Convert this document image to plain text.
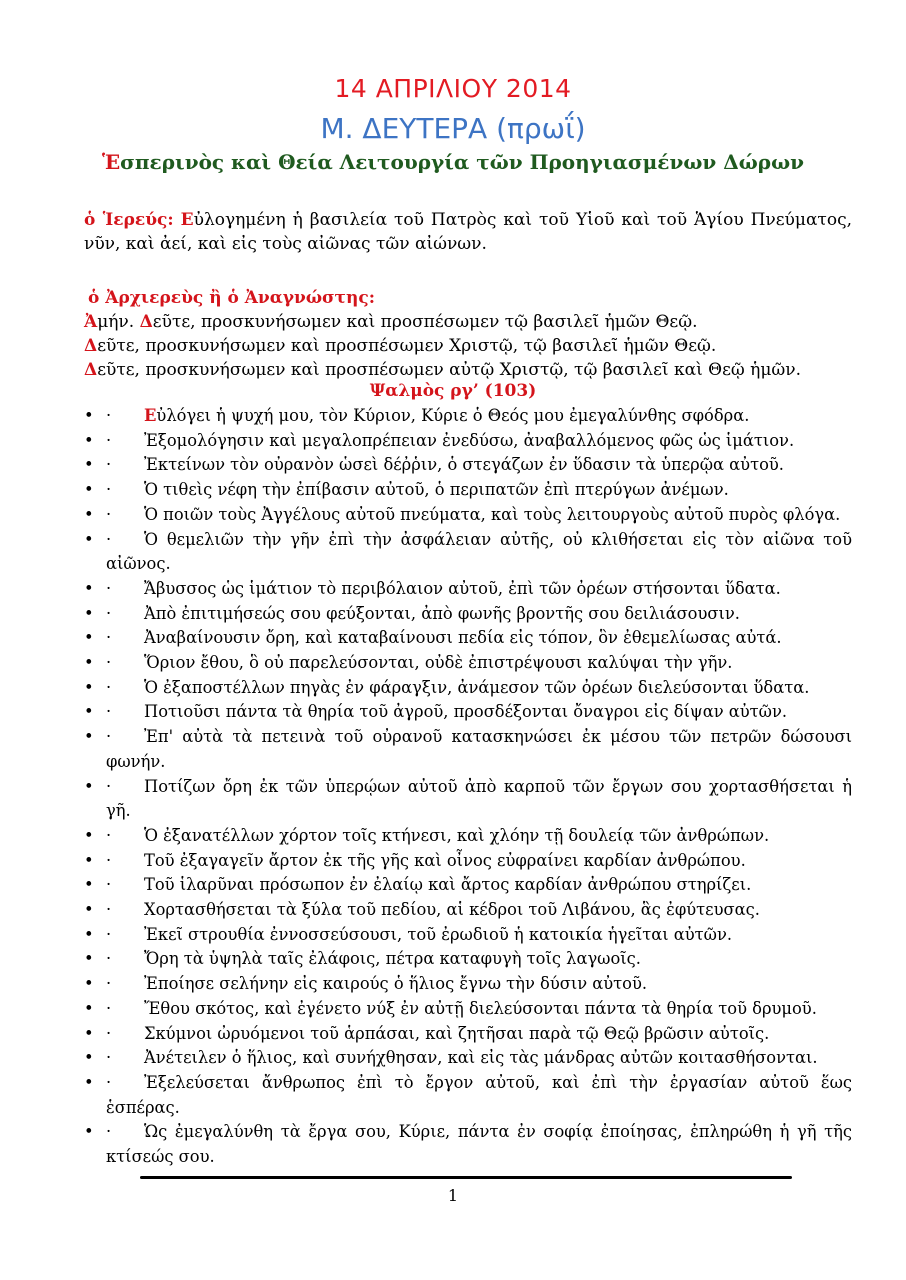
14 ΑΠΡΙΛΙΟΥ 2014
Μ. ΔΕΥΤΕΡΑ (πρωΐ)
Ἑσπερινὸς καὶ Θεία Λειτουργία τῶν Προηγιασμένων Δώρων
ὁ Ἱερεύς: Εὐλογημένη ἡ βασιλεία τοῦ Πατρὸς καὶ τοῦ Υἱοῦ καὶ τοῦ Ἁγίου Πνεύματος, νῦν, καὶ ἀεί, καὶ εἰς τοὺς αἰῶνας τῶν αἰώνων.
ὁ Ἀρχιερεὺς ἢ ὁ Ἀναγνώστης:
Ἀμήν. Δεῦτε, προσκυνήσωμεν καὶ προσπέσωμεν τῷ βασιλεῖ ἡμῶν Θεῷ.
Δεῦτε, προσκυνήσωμεν καὶ προσπέσωμεν Χριστῷ, τῷ βασιλεῖ ἡμῶν Θεῷ.
Δεῦτε, προσκυνήσωμεν καὶ προσπέσωμεν αὐτῷ Χριστῷ, τῷ βασιλεῖ καὶ Θεῷ ἡμῶν.
Ψαλμὸς ργ’ (103)
• · Εὐλόγει ἡ ψυχή μου, τὸν Κύριον, Κύριε ὁ Θεός μου ἐμεγαλύνθης σφόδρα.
• · Ἐξομολόγησιν καὶ μεγαλοπρέπειαν ἐνεδύσω, ἀναβαλλόμενος φῶς ὡς ἱμάτιον.
• · Ἐκτείνων τὸν οὐρανὸν ὡσεὶ δέῤῥιν, ὁ στεγάζων ἐν ὕδασιν τὰ ὑπερῷα αὐτοῦ.
• · Ὁ τιθεὶς νέφη τὴν ἐπίβασιν αὐτοῦ, ὁ περιπατῶν ἐπὶ πτερύγων ἀνέμων.
• · Ὁ ποιῶν τοὺς Ἀγγέλους αὐτοῦ πνεύματα, καὶ τοὺς λειτουργοὺς αὐτοῦ πυρὸς φλόγα.
• · Ὁ θεμελιῶν τὴν γῆν ἐπὶ τὴν ἀσφάλειαν αὐτῆς, οὐ κλιθήσεται εἰς τὸν αἰῶνα τοῦ αἰῶνος.
• · Ἄβυσσος ὡς ἱμάτιον τὸ περιβόλαιον αὐτοῦ, ἐπὶ τῶν ὀρέων στήσονται ὕδατα.
• · Ἀπὸ ἐπιτιμήσεώς σου φεύξονται, ἀπὸ φωνῆς βροντῆς σου δειλιάσουσιν.
• · Ἀναβαίνουσιν ὄρη, καὶ καταβαίνουσι πεδία εἰς τόπον, ὃν ἐθεμελίωσας αὐτά.
• · Ὅριον ἔθου, ὃ οὐ παρελεύσονται, οὐδὲ ἐπιστρέψουσι καλύψαι τὴν γῆν.
• · Ὁ ἐξαποστέλλων πηγὰς ἐν φάραγξιν, ἀνάμεσον τῶν ὀρέων διελεύσονται ὕδατα.
• · Ποτιοῦσι πάντα τὰ θηρία τοῦ ἀγροῦ, προσδέξονται ὄναγροι εἰς δίψαν αὐτῶν.
• · Ἐπ' αὐτὰ τὰ πετεινὰ τοῦ οὐρανοῦ κατασκηνώσει ἐκ μέσου τῶν πετρῶν δώσουσι φωνήν.
• · Ποτίζων ὄρη ἐκ τῶν ὑπερῴων αὐτοῦ ἀπὸ καρποῦ τῶν ἔργων σου χορτασθήσεται ἡ γῆ.
• · Ὁ ἐξανατέλλων χόρτον τοῖς κτήνεσι, καὶ χλόην τῇ δουλείᾳ τῶν ἀνθρώπων.
• · Τοῦ ἐξαγαγεῖν ἄρτον ἐκ τῆς γῆς καὶ οἶνος εὐφραίνει καρδίαν ἀνθρώπου.
• · Τοῦ ἱλαρῦναι πρόσωπον ἐν ἐλαίῳ καὶ ἄρτος καρδίαν ἀνθρώπου στηρίζει.
• · Χορτασθήσεται τὰ ξύλα τοῦ πεδίου, αἱ κέδροι τοῦ Λιβάνου, ἃς ἐφύτευσας.
• · Ἐκεῖ στρουθία ἐννοσσεύσουσι, τοῦ ἐρωδιοῦ ἡ κατοικία ἡγεῖται αὐτῶν.
• · Ὄρη τὰ ὑψηλὰ ταῖς ἐλάφοις, πέτρα καταφυγὴ τοῖς λαγωοῖς.
• · Ἐποίησε σελήνην εἰς καιρούς ὁ ἥλιος ἔγνω τὴν δύσιν αὐτοῦ.
• · Ἔθου σκότος, καὶ ἐγένετο νύξ ἐν αὐτῇ διελεύσονται πάντα τὰ θηρία τοῦ δρυμοῦ.
• · Σκύμνοι ὠρυόμενοι τοῦ ἁρπάσαι, καὶ ζητῆσαι παρὰ τῷ Θεῷ βρῶσιν αὐτοῖς.
• · Ἀνέτειλεν ὁ ἥλιος, καὶ συνήχθησαν, καὶ εἰς τὰς μάνδρας αὐτῶν κοιτασθήσονται.
• · Ἐξελεύσεται ἄνθρωπος ἐπὶ τὸ ἔργον αὐτοῦ, καὶ ἐπὶ τὴν ἐργασίαν αὐτοῦ ἕως ἑσπέρας.
• · Ὡς ἐμεγαλύνθη τὰ ἔργα σου, Κύριε, πάντα ἐν σοφίᾳ ἐποίησας, ἐπληρώθη ἡ γῆ τῆς κτίσεώς σου.
1
